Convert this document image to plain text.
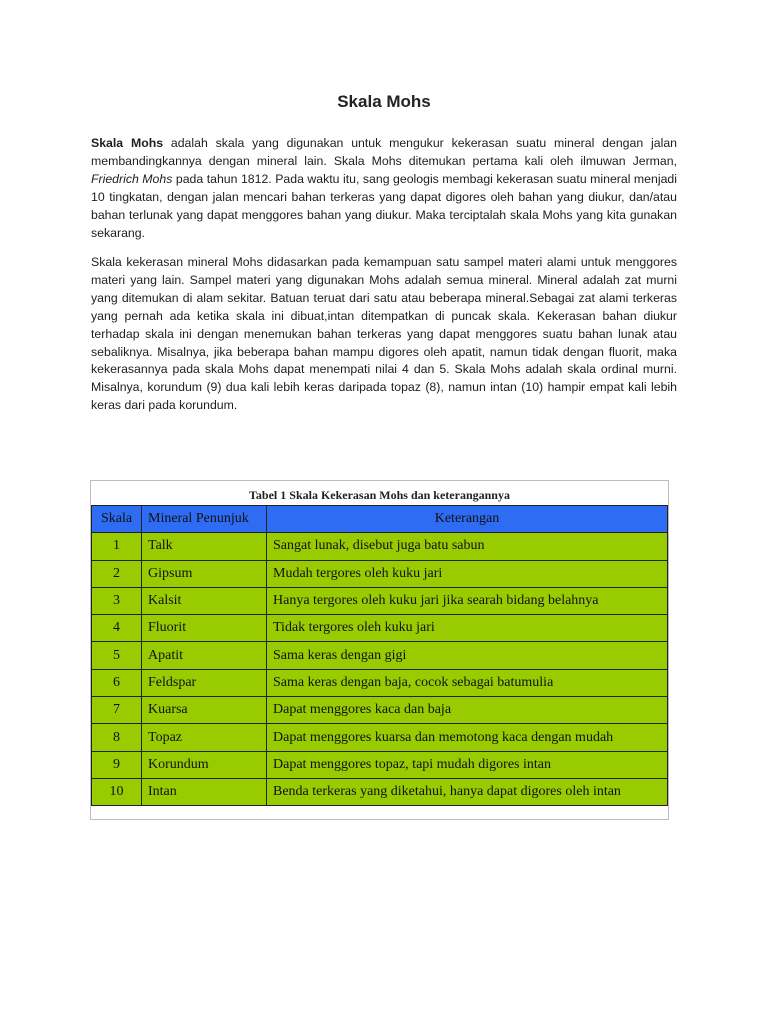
Skala Mohs

Skala Mohs adalah skala yang digunakan untuk mengukur kekerasan suatu mineral dengan jalan membandingkannya dengan mineral lain. Skala Mohs ditemukan pertama kali oleh ilmuwan Jerman, Friedrich Mohs pada tahun 1812. Pada waktu itu, sang geologis membagi kekerasan suatu mineral menjadi 10 tingkatan, dengan jalan mencari bahan terkeras yang dapat digores oleh bahan yang diukur, dan/atau bahan terlunak yang dapat menggores bahan yang diukur. Maka terciptalah skala Mohs yang kita gunakan sekarang.

Skala kekerasan mineral Mohs didasarkan pada kemampuan satu sampel materi alami untuk menggores materi yang lain. Sampel materi yang digunakan Mohs adalah semua mineral. Mineral adalah zat murni yang ditemukan di alam sekitar. Batuan teruat dari satu atau beberapa mineral.Sebagai zat alami terkeras yang pernah ada ketika skala ini dibuat,intan ditempatkan di puncak skala. Kekerasan bahan diukur terhadap skala ini dengan menemukan bahan terkeras yang dapat menggores suatu bahan lunak atau sebaliknya. Misalnya, jika beberapa bahan mampu digores oleh apatit, namun tidak dengan fluorit, maka kekerasannya pada skala Mohs dapat menempati nilai 4 dan 5. Skala Mohs adalah skala ordinal murni. Misalnya, korundum (9) dua kali lebih keras daripada topaz (8), namun intan (10) hampir empat kali lebih keras dari pada korundum.

Tabel 1 Skala Kekerasan Mohs dan keterangannya
Skala	Mineral Penunjuk	Keterangan
1	Talk	Sangat lunak, disebut juga batu sabun
2	Gipsum	Mudah tergores oleh kuku jari
3	Kalsit	Hanya tergores oleh kuku jari jika searah bidang belahnya
4	Fluorit	Tidak tergores oleh kuku jari
5	Apatit	Sama keras dengan gigi
6	Feldspar	Sama keras dengan baja, cocok sebagai batumulia
7	Kuarsa	Dapat menggores kaca dan baja
8	Topaz	Dapat menggores kuarsa dan memotong kaca dengan mudah
9	Korundum	Dapat menggores topaz, tapi mudah digores intan
10	Intan	Benda terkeras yang diketahui, hanya dapat digores oleh intan
